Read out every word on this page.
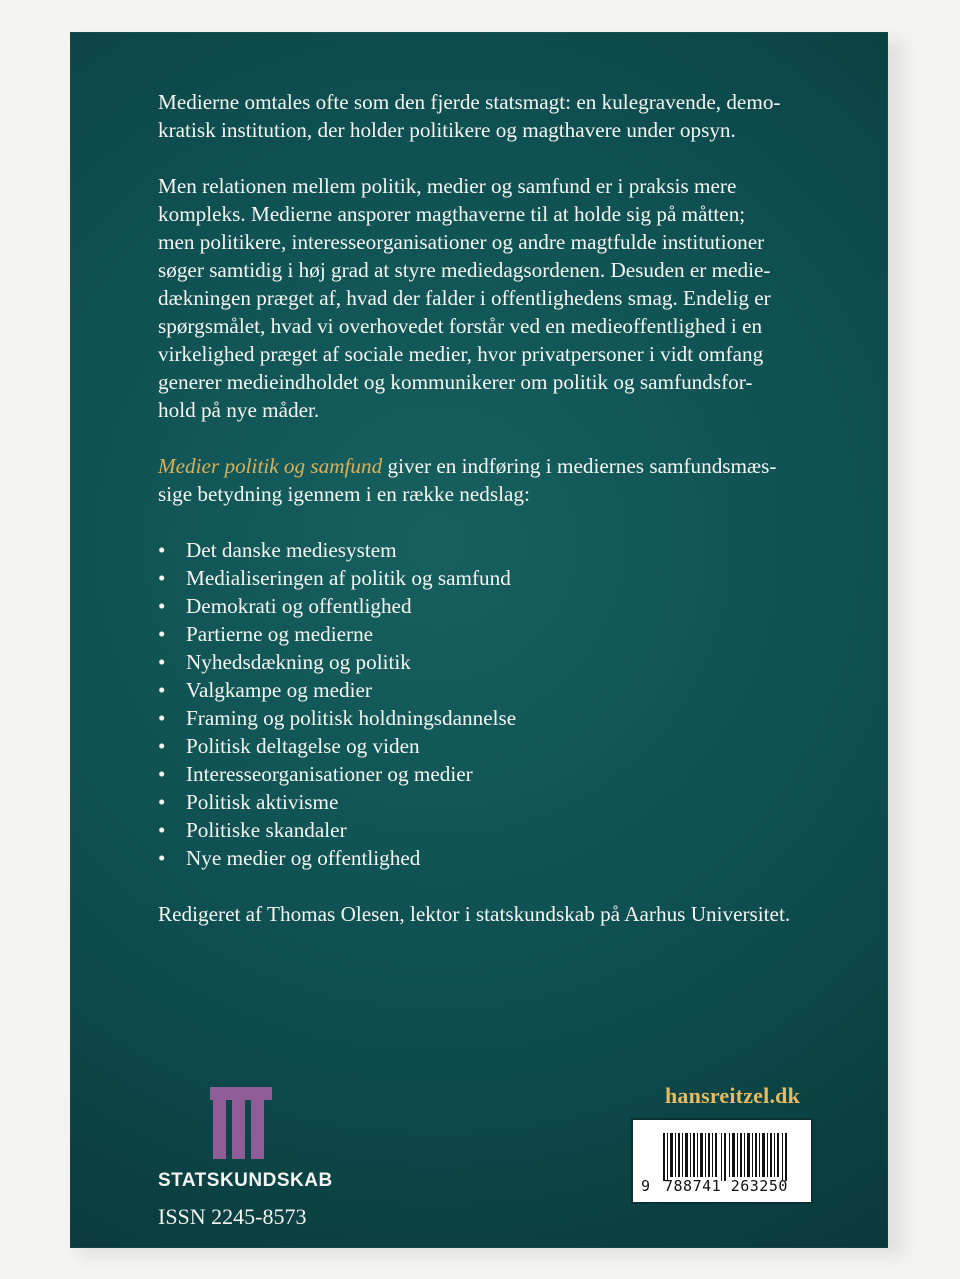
Medierne omtales ofte som den fjerde statsmagt: en kulegravende, demo-
kratisk institution, der holder politikere og magthavere under opsyn.

Men relationen mellem politik, medier og samfund er i praksis mere
kompleks. Medierne ansporer magthaverne til at holde sig på måtten;
men politikere, interesseorganisationer og andre magtfulde institutioner
søger samtidig i høj grad at styre mediedagsordenen. Desuden er medie-
dækningen præget af, hvad der falder i offentlighedens smag. Endelig er
spørgsmålet, hvad vi overhovedet forstår ved en medieoffentlighed i en
virkelighed præget af sociale medier, hvor privatpersoner i vidt omfang
generer medieindholdet og kommunikerer om politik og samfundsfor-
hold på nye måder.

Medier politik og samfund giver en indføring i mediernes samfundsmæs-
sige betydning igennem i en række nedslag:

• Det danske mediesystem
• Medialiseringen af politik og samfund
• Demokrati og offentlighed
• Partierne og medierne
• Nyhedsdækning og politik
• Valgkampe og medier
• Framing og politisk holdningsdannelse
• Politisk deltagelse og viden
• Interesseorganisationer og medier
• Politisk aktivisme
• Politiske skandaler
• Nye medier og offentlighed

Redigeret af Thomas Olesen, lektor i statskundskab på Aarhus Universitet.

STATSKUNDSKAB
ISSN 2245-8573
hansreitzel.dk
9 788741 263250
